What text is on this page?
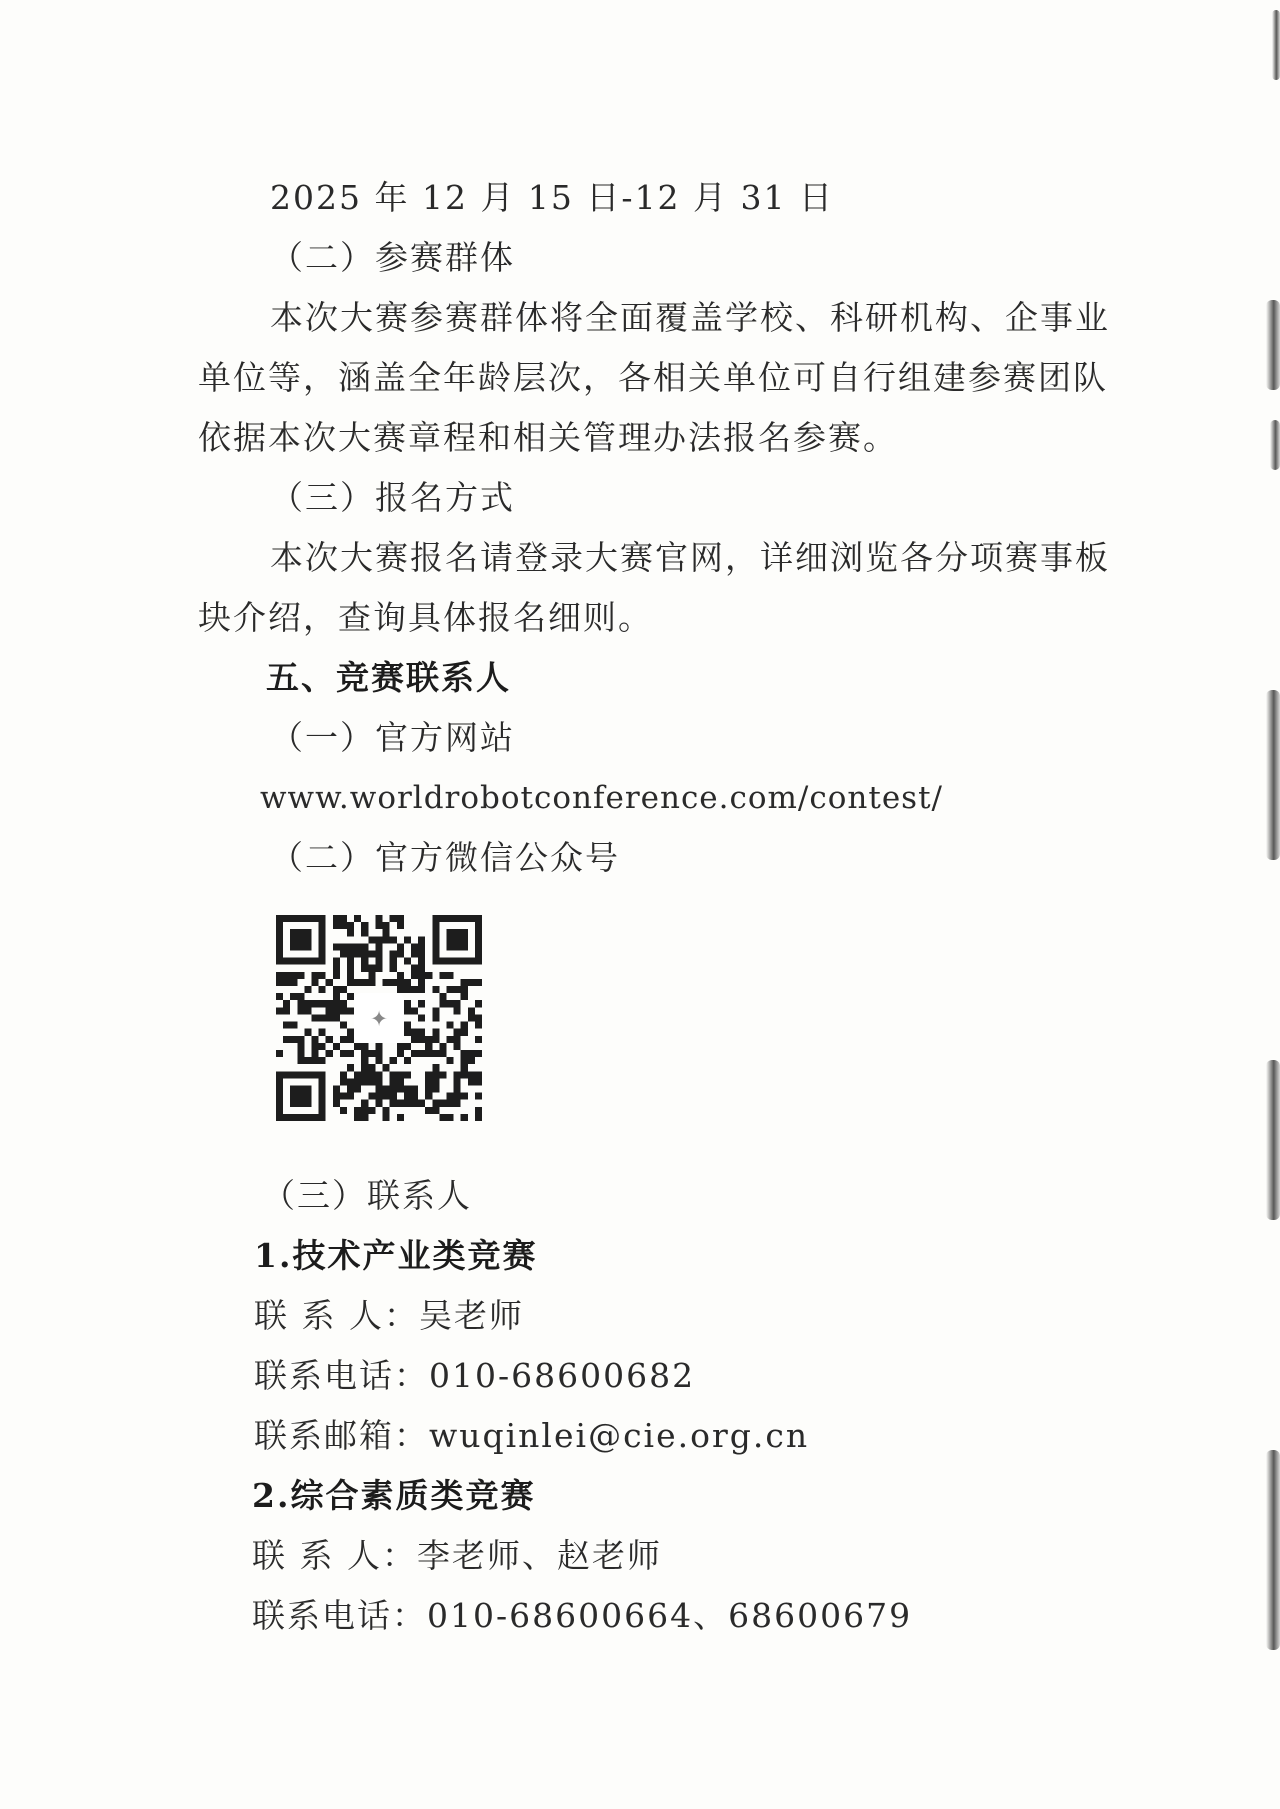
2025 年 12 月 15 日-12 月 31 日
（二）参赛群体
本次大赛参赛群体将全面覆盖学校、科研机构、企事业
单位等，涵盖全年龄层次，各相关单位可自行组建参赛团队
依据本次大赛章程和相关管理办法报名参赛。
（三）报名方式
本次大赛报名请登录大赛官网，详细浏览各分项赛事板
块介绍，查询具体报名细则。
五、竞赛联系人
（一）官方网站
www.worldrobotconference.com/contest/
（二）官方微信公众号
✦
（三）联系人
1.技术产业类竞赛
联 系 人：吴老师
联系电话：010-68600682
联系邮箱：wuqinlei@cie.org.cn
2.综合素质类竞赛
联 系 人：李老师、赵老师
联系电话：010-68600664、68600679
